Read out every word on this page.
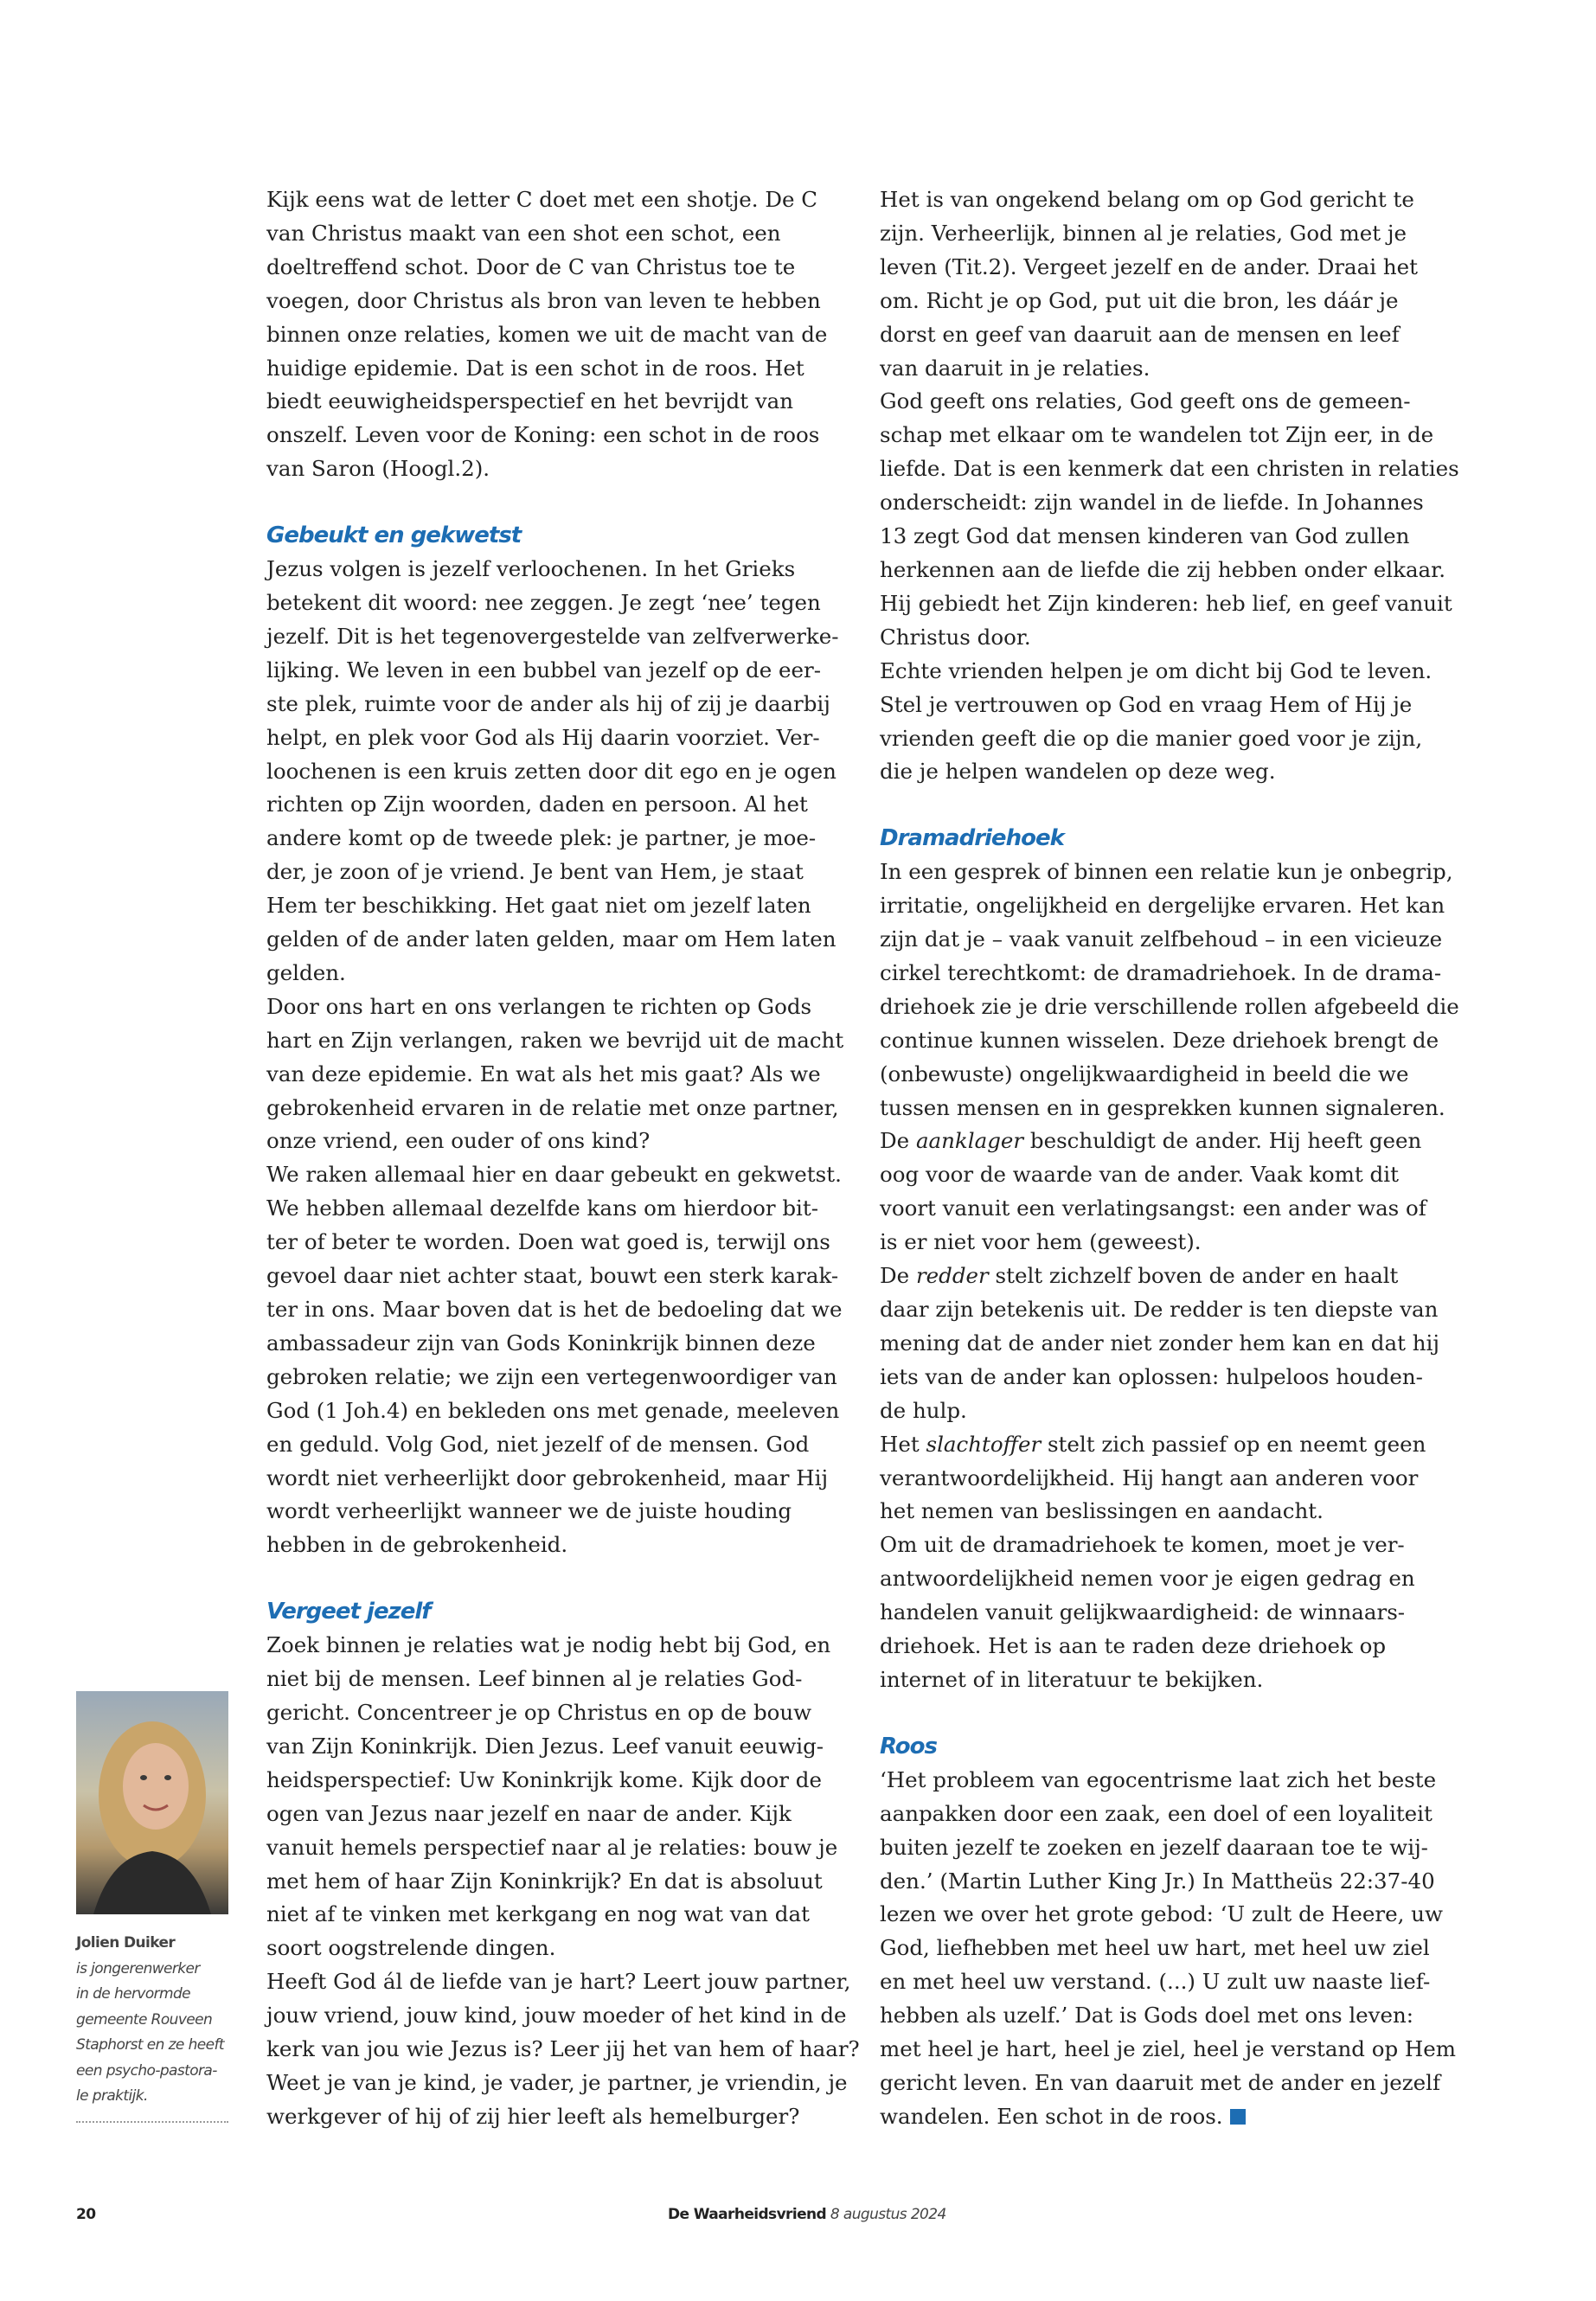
Kijk eens wat de letter C doet met een shotje. De C
van Christus maakt van een shot een schot, een
doeltreffend schot. Door de C van Christus toe te
voegen, door Christus als bron van leven te hebben
binnen onze relaties, komen we uit de macht van de
huidige epidemie. Dat is een schot in de roos. Het
biedt eeuwigheidsperspectief en het bevrijdt van
onszelf. Leven voor de Koning: een schot in de roos
van Saron (Hoogl.2).

Gebeukt en gekwetst

Jezus volgen is jezelf verloochenen. In het Grieks
betekent dit woord: nee zeggen. Je zegt ‘nee’ tegen
jezelf. Dit is het tegenovergestelde van zelfverwerke-
lijking. We leven in een bubbel van jezelf op de eer-
ste plek, ruimte voor de ander als hij of zij je daarbij
helpt, en plek voor God als Hij daarin voorziet. Ver-
loochenen is een kruis zetten door dit ego en je ogen
richten op Zijn woorden, daden en persoon. Al het
andere komt op de tweede plek: je partner, je moe-
der, je zoon of je vriend. Je bent van Hem, je staat
Hem ter beschikking. Het gaat niet om jezelf laten
gelden of de ander laten gelden, maar om Hem laten
gelden.

Door ons hart en ons verlangen te richten op Gods
hart en Zijn verlangen, raken we bevrijd uit de macht
van deze epidemie. En wat als het mis gaat? Als we
gebrokenheid ervaren in de relatie met onze partner,
onze vriend, een ouder of ons kind?

We raken allemaal hier en daar gebeukt en gekwetst.
We hebben allemaal dezelfde kans om hierdoor bit-
ter of beter te worden. Doen wat goed is, terwijl ons
gevoel daar niet achter staat, bouwt een sterk karak-
ter in ons. Maar boven dat is het de bedoeling dat we
ambassadeur zijn van Gods Koninkrijk binnen deze
gebroken relatie; we zijn een vertegenwoordiger van
God (1 Joh.4) en bekleden ons met genade, meeleven
en geduld. Volg God, niet jezelf of de mensen. God
wordt niet verheerlijkt door gebrokenheid, maar Hij
wordt verheerlijkt wanneer we de juiste houding
hebben in de gebrokenheid.

Vergeet jezelf

Zoek binnen je relaties wat je nodig hebt bij God, en
niet bij de mensen. Leef binnen al je relaties God-
gericht. Concentreer je op Christus en op de bouw
van Zijn Koninkrijk. Dien Jezus. Leef vanuit eeuwig-
heidsperspectief: Uw Koninkrijk kome. Kijk door de
ogen van Jezus naar jezelf en naar de ander. Kijk
vanuit hemels perspectief naar al je relaties: bouw je
met hem of haar Zijn Koninkrijk? En dat is absoluut
niet af te vinken met kerkgang en nog wat van dat
soort oogstrelende dingen.

Heeft God ál de liefde van je hart? Leert jouw partner,
jouw vriend, jouw kind, jouw moeder of het kind in de
kerk van jou wie Jezus is? Leer jij het van hem of haar?
Weet je van je kind, je vader, je partner, je vriendin, je
werkgever of hij of zij hier leeft als hemelburger?

Het is van ongekend belang om op God gericht te
zijn. Verheerlijk, binnen al je relaties, God met je
leven (Tit.2). Vergeet jezelf en de ander. Draai het
om. Richt je op God, put uit die bron, les dáár je
dorst en geef van daaruit aan de mensen en leef
van daaruit in je relaties.

God geeft ons relaties, God geeft ons de gemeen-
schap met elkaar om te wandelen tot Zijn eer, in de
liefde. Dat is een kenmerk dat een christen in relaties
onderscheidt: zijn wandel in de liefde. In Johannes
13 zegt God dat mensen kinderen van God zullen
herkennen aan de liefde die zij hebben onder elkaar.
Hij gebiedt het Zijn kinderen: heb lief, en geef vanuit
Christus door.

Echte vrienden helpen je om dicht bij God te leven.
Stel je vertrouwen op God en vraag Hem of Hij je
vrienden geeft die op die manier goed voor je zijn,
die je helpen wandelen op deze weg.

Dramadriehoek

In een gesprek of binnen een relatie kun je onbegrip,
irritatie, ongelijkheid en dergelijke ervaren. Het kan
zijn dat je – vaak vanuit zelfbehoud – in een vicieuze
cirkel terechtkomt: de dramadriehoek. In de drama-
driehoek zie je drie verschillende rollen afgebeeld die
continue kunnen wisselen. Deze driehoek brengt de
(onbewuste) ongelijkwaardigheid in beeld die we
tussen mensen en in gesprekken kunnen signaleren.

De aanklager beschuldigt de ander. Hij heeft geen
oog voor de waarde van de ander. Vaak komt dit
voort vanuit een verlatingsangst: een ander was of
is er niet voor hem (geweest).

De redder stelt zichzelf boven de ander en haalt
daar zijn betekenis uit. De redder is ten diepste van
mening dat de ander niet zonder hem kan en dat hij
iets van de ander kan oplossen: hulpeloos houden-
de hulp.

Het slachtoffer stelt zich passief op en neemt geen
verantwoordelijkheid. Hij hangt aan anderen voor
het nemen van beslissingen en aandacht.

Om uit de dramadriehoek te komen, moet je ver-
antwoordelijkheid nemen voor je eigen gedrag en
handelen vanuit gelijkwaardigheid: de winnaars-
driehoek. Het is aan te raden deze driehoek op
internet of in literatuur te bekijken.

Roos

‘Het probleem van egocentrisme laat zich het beste
aanpakken door een zaak, een doel of een loyaliteit
buiten jezelf te zoeken en jezelf daaraan toe te wij-
den.’ (Martin Luther King Jr.) In Mattheüs 22:37-40
lezen we over het grote gebod: ‘U zult de Heere, uw
God, liefhebben met heel uw hart, met heel uw ziel
en met heel uw verstand. (...) U zult uw naaste lief-
hebben als uzelf.’ Dat is Gods doel met ons leven:
met heel je hart, heel je ziel, heel je verstand op Hem
gericht leven. En van daaruit met de ander en jezelf
wandelen. Een schot in de roos.

Jolien Duiker
is jongerenwerker
in de hervormde
gemeente Rouveen
Staphorst en ze heeft
een psycho-pastora-
le praktijk.
20	De Waarheidsvriend 8 augustus 2024
